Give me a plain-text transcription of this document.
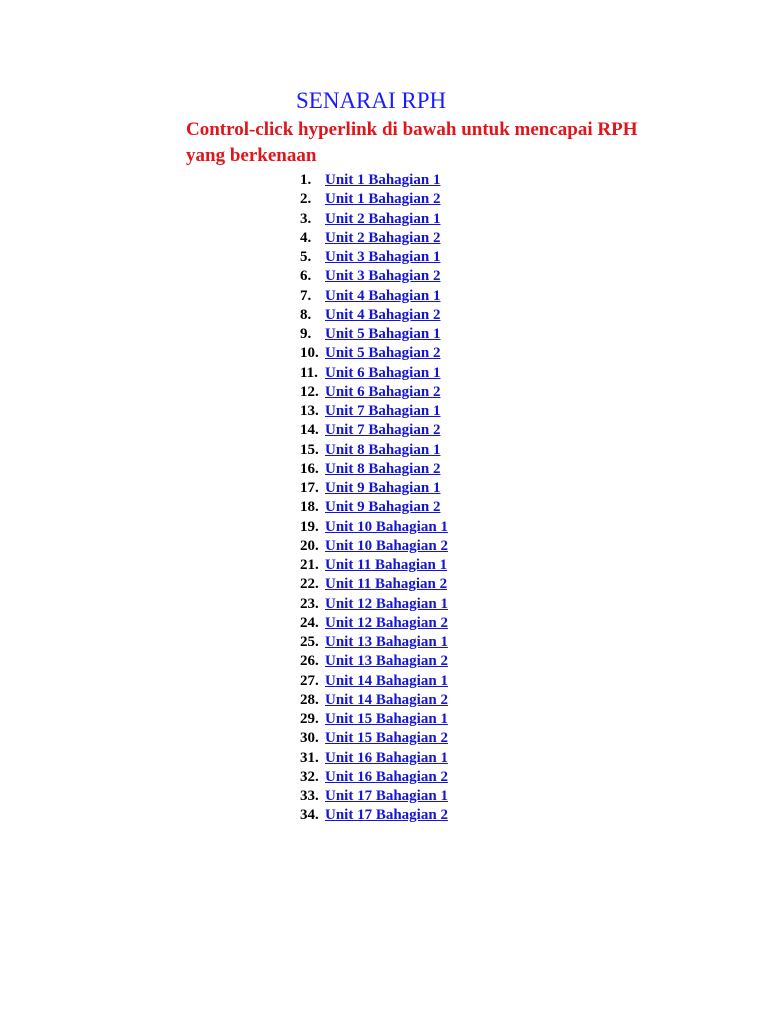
SENARAI RPH

Control-click hyperlink di bawah untuk mencapai RPH yang berkenaan

1. Unit 1 Bahagian 1
2. Unit 1 Bahagian 2
3. Unit 2 Bahagian 1
4. Unit 2 Bahagian 2
5. Unit 3 Bahagian 1
6. Unit 3 Bahagian 2
7. Unit 4 Bahagian 1
8. Unit 4 Bahagian 2
9. Unit 5 Bahagian 1
10. Unit 5 Bahagian 2
11. Unit 6 Bahagian 1
12. Unit 6 Bahagian 2
13. Unit 7 Bahagian 1
14. Unit 7 Bahagian 2
15. Unit 8 Bahagian 1
16. Unit 8 Bahagian 2
17. Unit 9 Bahagian 1
18. Unit 9 Bahagian 2
19. Unit 10 Bahagian 1
20. Unit 10 Bahagian 2
21. Unit 11 Bahagian 1
22. Unit 11 Bahagian 2
23. Unit 12 Bahagian 1
24. Unit 12 Bahagian 2
25. Unit 13 Bahagian 1
26. Unit 13 Bahagian 2
27. Unit 14 Bahagian 1
28. Unit 14 Bahagian 2
29. Unit 15 Bahagian 1
30. Unit 15 Bahagian 2
31. Unit 16 Bahagian 1
32. Unit 16 Bahagian 2
33. Unit 17 Bahagian 1
34. Unit 17 Bahagian 2
